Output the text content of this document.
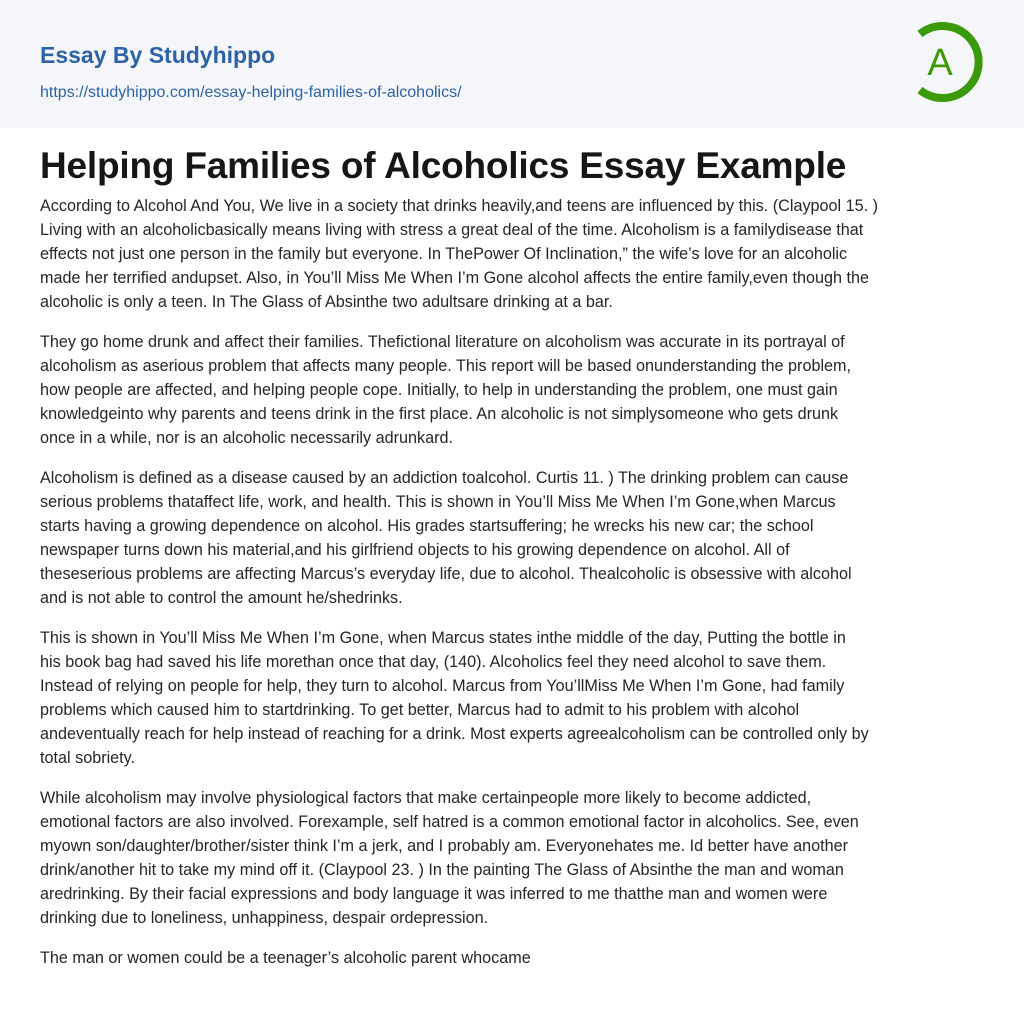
Essay By Studyhippo
https://studyhippo.com/essay-helping-families-of-alcoholics/
A
Helping Families of Alcoholics Essay Example

According to Alcohol And You, We live in a society that drinks heavily,and teens are influenced by this. (Claypool 15. )
Living with an alcoholicbasically means living with stress a great deal of the time. Alcoholism is a familydisease that
effects not just one person in the family but everyone. In ThePower Of Inclination,” the wife’s love for an alcoholic
made her terrified andupset. Also, in You’ll Miss Me When I’m Gone alcohol affects the entire family,even though the
alcoholic is only a teen. In The Glass of Absinthe two adultsare drinking at a bar.

They go home drunk and affect their families. Thefictional literature on alcoholism was accurate in its portrayal of
alcoholism as aserious problem that affects many people. This report will be based onunderstanding the problem,
how people are affected, and helping people cope. Initially, to help in understanding the problem, one must gain
knowledgeinto why parents and teens drink in the first place. An alcoholic is not simplysomeone who gets drunk
once in a while, nor is an alcoholic necessarily adrunkard.

Alcoholism is defined as a disease caused by an addiction toalcohol. Curtis 11. ) The drinking problem can cause
serious problems thataffect life, work, and health. This is shown in You’ll Miss Me When I’m Gone,when Marcus
starts having a growing dependence on alcohol. His grades startsuffering; he wrecks his new car; the school
newspaper turns down his material,and his girlfriend objects to his growing dependence on alcohol. All of
theseserious problems are affecting Marcus’s everyday life, due to alcohol. Thealcoholic is obsessive with alcohol
and is not able to control the amount he/shedrinks.

This is shown in You’ll Miss Me When I’m Gone, when Marcus states inthe middle of the day, Putting the bottle in
his book bag had saved his life morethan once that day, (140). Alcoholics feel they need alcohol to save them.
Instead of relying on people for help, they turn to alcohol. Marcus from You’llMiss Me When I’m Gone, had family
problems which caused him to startdrinking. To get better, Marcus had to admit to his problem with alcohol
andeventually reach for help instead of reaching for a drink. Most experts agreealcoholism can be controlled only by
total sobriety.

While alcoholism may involve physiological factors that make certainpeople more likely to become addicted,
emotional factors are also involved. Forexample, self hatred is a common emotional factor in alcoholics. See, even
myown son/daughter/brother/sister think I’m a jerk, and I probably am. Everyonehates me. Id better have another
drink/another hit to take my mind off it. (Claypool 23. ) In the painting The Glass of Absinthe the man and woman
aredrinking. By their facial expressions and body language it was inferred to me thatthe man and women were
drinking due to loneliness, unhappiness, despair ordepression.

The man or women could be a teenager’s alcoholic parent whocame
